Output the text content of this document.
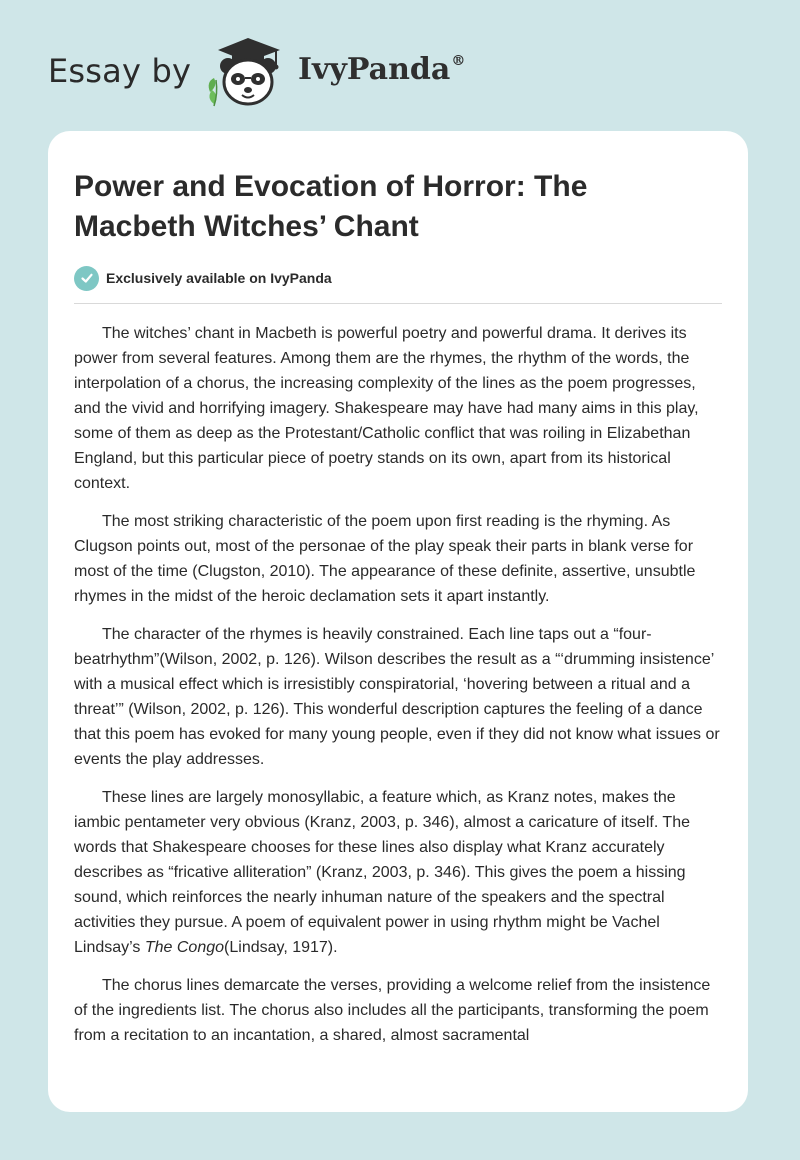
Essay by	IvyPanda®
Power and Evocation of Horror: The Macbeth Witches’ Chant
Exclusively available on IvyPanda

The witches’ chant in Macbeth is powerful poetry and powerful drama. It derives its power from several features. Among them are the rhymes, the rhythm of the words, the interpolation of a chorus, the increasing complexity of the lines as the poem progresses, and the vivid and horrifying imagery. Shakespeare may have had many aims in this play, some of them as deep as the Protestant/Catholic conflict that was roiling in Elizabethan England, but this particular piece of poetry stands on its own, apart from its historical context.

The most striking characteristic of the poem upon first reading is the rhyming. As Clugson points out, most of the personae of the play speak their parts in blank verse for most of the time (Clugston, 2010). The appearance of these definite, assertive, unsubtle rhymes in the midst of the heroic declamation sets it apart instantly.

The character of the rhymes is heavily constrained. Each line taps out a “four-beatrhythm”(Wilson, 2002, p. 126). Wilson describes the result as a “‘drumming insistence’ with a musical effect which is irresistibly conspiratorial, ‘hovering between a ritual and a threat’” (Wilson, 2002, p. 126). This wonderful description captures the feeling of a dance that this poem has evoked for many young people, even if they did not know what issues or events the play addresses.

These lines are largely monosyllabic, a feature which, as Kranz notes, makes the iambic pentameter very obvious (Kranz, 2003, p. 346), almost a caricature of itself. The words that Shakespeare chooses for these lines also display what Kranz accurately describes as “fricative alliteration” (Kranz, 2003, p. 346). This gives the poem a hissing sound, which reinforces the nearly inhuman nature of the speakers and the spectral activities they pursue. A poem of equivalent power in using rhythm might be Vachel Lindsay’s The Congo(Lindsay, 1917).

The chorus lines demarcate the verses, providing a welcome relief from the insistence of the ingredients list. The chorus also includes all the participants, transforming the poem from a recitation to an incantation, a shared, almost sacramental
